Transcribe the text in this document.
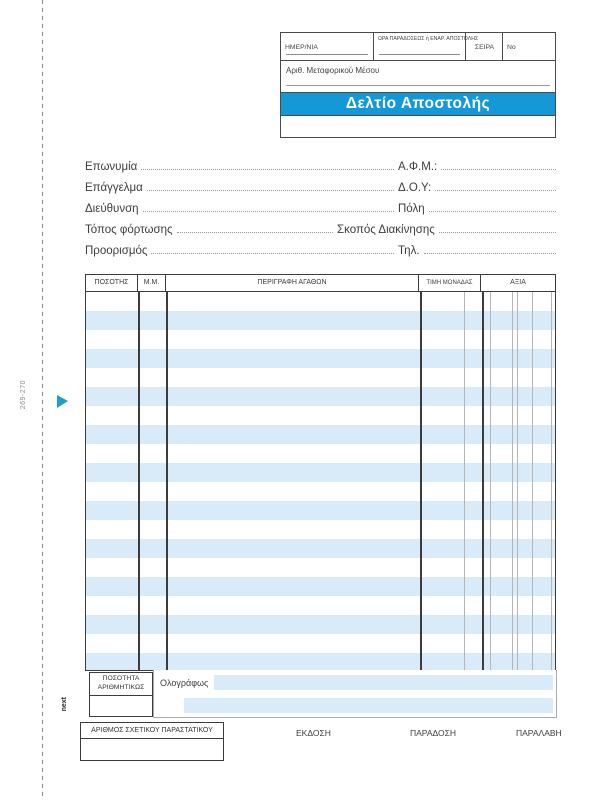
269-270
next
ΗΜΕΡ/ΝΙΑ
ΩΡΑ ΠΑΡΑΔΟΣΕΩΣ ή ΕΝΑΡ. ΑΠΟΣΤΟΛΗΣ
ΣΕΙΡΑ	No
Αριθ. Μεταφορικού Μέσου
Δελτίο Αποστολής
Επωνυμία	Α.Φ.Μ.:
Επάγγελμα	Δ.Ο.Υ:
Διεύθυνση	Πόλη
Τόπος φόρτωσης	Σκοπός Διακίνησης
Προορισμός	Τηλ.
ΠΟΣΟΤΗΣ	Μ.Μ.	ΠΕΡΙΓΡΑΦΗ ΑΓΑΘΩΝ	ΤΙΜΗ ΜΟΝΑΔΑΣ	ΑΞΙΑ
ΠΟΣΟΤΗΤΑ ΑΡΙΘΜΗΤΙΚΩΣ	Ολογράφως
ΑΡΙΘΜΟΣ ΣΧΕΤΙΚΟΥ ΠΑΡΑΣΤΑΤΙΚΟΥ	ΕΚΔΟΣΗ	ΠΑΡΑΔΟΣΗ	ΠΑΡΑΛΑΒΗ
